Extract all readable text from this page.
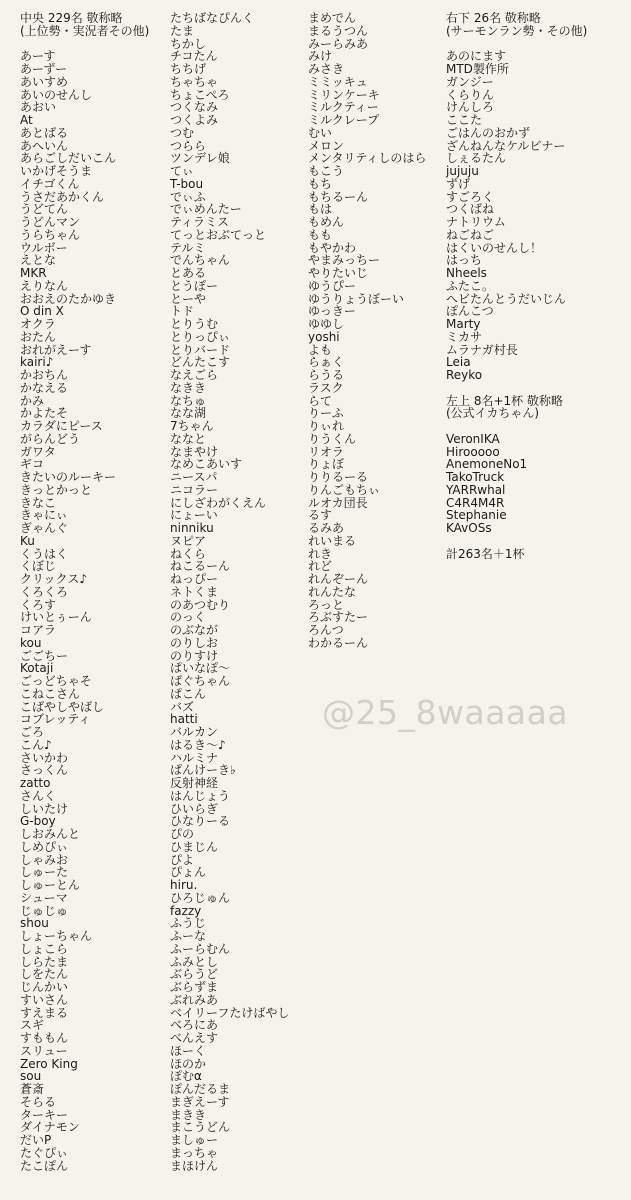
中央 229名 敬称略
(上位勢・実況者その他)
あーす
あーずー
あいすめ
あいのせんし
あおい
At
あとばる
あへいん
あらごしだいこん
いかげそうま
イチゴくん
うさだあかくん
うどてん
うどんマン
うらちゃん
ウルボー
えとな
MKR
えりなん
おおえのたかゆき
O din X
オクラ
おたん
おれがえーす
kairi♪
かおちん
かなえる
かみ
かよたそ
カラダにピース
がらんどう
ガワタ
ギコ
きたいのルーキー
きっとかっと
きなこ
きゃにぃ
ぎゃんぐ
Ku
くうはく
くぼじ
クリックス♪
くろくろ
くろす
けいとぅーん
コアラ
kou
ごごちー
Kotaji
ごっどちゃそ
こねこさん
こばやしやばし
コブレッティ
ごろ
こん♪
さいかわ
さっくん
zatto
さんく
しいたけ
G-boy
しおみんと
しめぴぃ
しゃみお
しゅーた
しゅーとん
シューマ
じゅじゅ
shou
しょーちゃん
しょこら
しらたま
しをたん
じんかい
すいさん
すえまる
スギ
すももん
スリュー
Zero King
sou
蒼斎
そらる
ターキー
ダイナモン
だいP
たぐぴぃ
たこぽん
たちばなぴんく
たま
ちかし
チコたん
ちちげ
ちゃちゃ
ちょこぺろ
つくなみ
つくよみ
つむ
つらら
ツンデレ娘
てぃ
T-bou
でぃふ
でぃめんたー
ティラミス
てっとおぶてっと
テルミ
でんちゃん
とある
とうぽー
とーや
トド
とりうむ
とりっぴぃ
とりバード
どんたこす
なえごら
なきき
なちゅ
なな湖
7ちゃん
ななと
なまやけ
なめこあいす
ニースパ
ニコラー
にしざわがくえん
にょーい
ninniku
ヌピア
ねくら
ねこるーん
ねっぴー
ネトくま
のあつむり
のっく
のぶなが
のりしお
のりすけ
ぱいなぽ〜
ばぐちゃん
ぱこん
バズ
hatti
バルカン
はるき〜♪
ハルミナ
ぱんけーき♭
反射神経
はんじょう
ひいらぎ
ひなりーる
ぴの
ひまじん
ぴよ
ぴょん
hiru.
ひろじゅん
fazzy
ふうじ
ふーな
ふーらむん
ふみとし
ぶらうど
ぶらずま
ぶれみあ
ベイリーフたけばやし
べろにあ
べんえす
ほーく
ほのか
ぽむα
ぽんだるま
まぎえーす
まきき
まこうどん
ましゅー
まっちゃ
まほけん
まめでん
まるうつん
みーらみあ
みけ
みさき
ミミッキュ
ミリンケーキ
ミルクティー
ミルクレープ
むい
メロン
メンタリティしのはら
もこう
もち
もちるーん
もは
もめん
もも
もやかわ
やまみっちー
やりたいじ
ゆうぴー
ゆうりょうぼーい
ゆっきー
ゆゆし
yoshi
よも
らぁく
らうる
ラスク
らて
りーふ
りぃれ
りうくん
リオラ
りょぼ
りりるーる
りんごもちぃ
ルオカ団長
るす
るみあ
れいまる
れき
れど
れんぞーん
れんたな
ろっと
ろぶすたー
ろんつ
わかるーん
右下 26名 敬称略
(サーモンラン勢・その他)
あのにます
MTD製作所
ガンジー
くらりん
けんしろ
ここた
ごはんのおかず
ざんねんなケルビナー
しぇるたん
jujuju
ずげ
すごろく
つくばね
ナトリウム
ねごねご
はくいのせんし！
はっち
Nheels
ふたこ。
へビたんとうだいじん
ぽんこつ
Marty
ミカサ
ムラナガ村長
Leia
Reyko
左上 8名+1杯 敬称略
(公式イカちゃん)
VeronIKA
Hirooooo
AnemoneNo1
TakoTruck
YARRwhal
C4R4M4R
Stephanie
KAvOSs
計263名＋1杯
@25_8waaaaa
